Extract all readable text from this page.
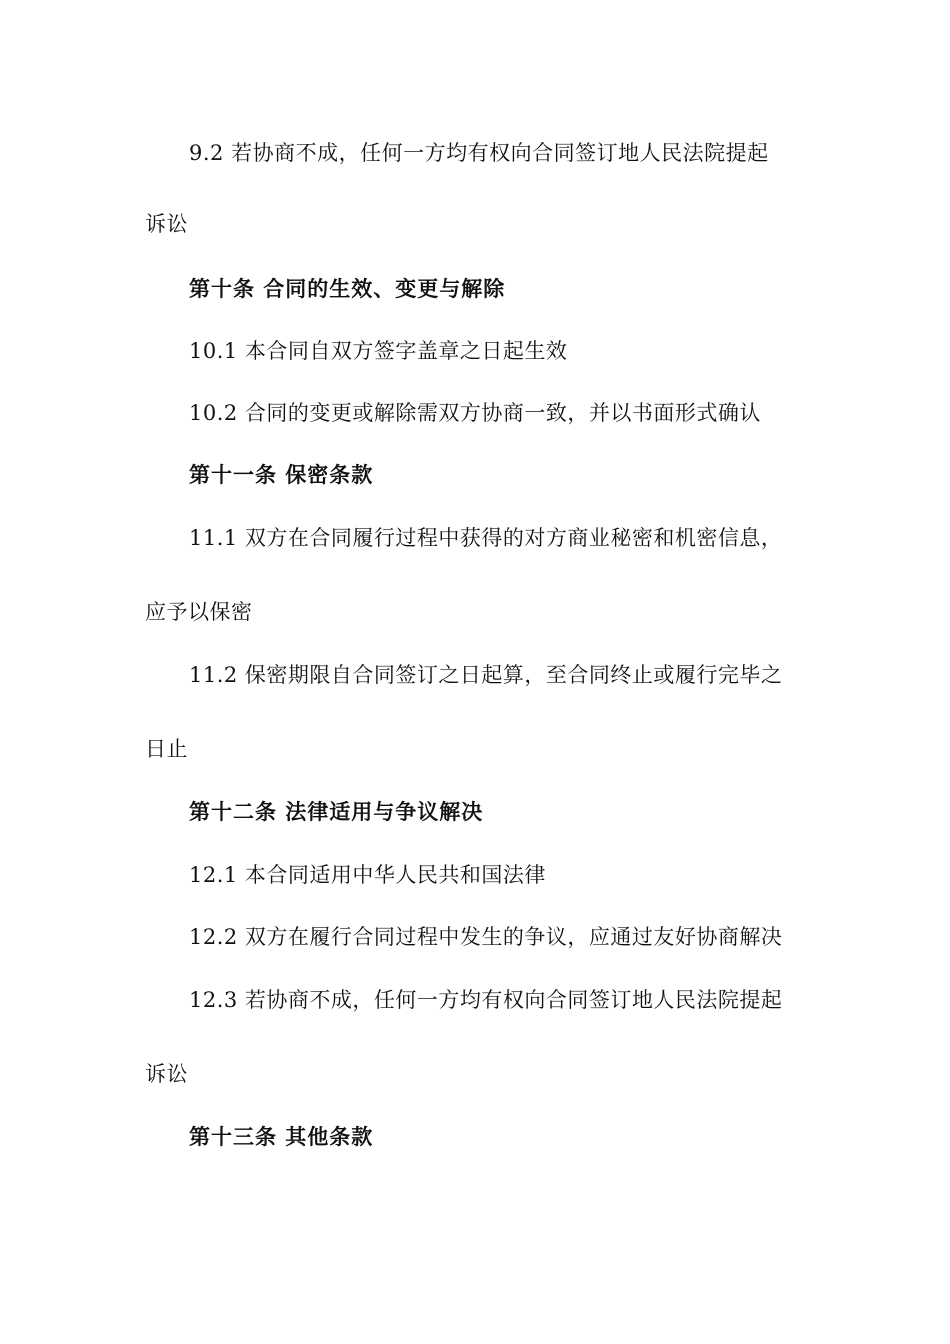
9.2 若协商不成，任何一方均有权向合同签订地人民法院提起
诉讼
第十条 合同的生效、变更与解除
10.1 本合同自双方签字盖章之日起生效
10.2 合同的变更或解除需双方协商一致，并以书面形式确认
第十一条 保密条款
11.1 双方在合同履行过程中获得的对方商业秘密和机密信息，
应予以保密
11.2 保密期限自合同签订之日起算，至合同终止或履行完毕之
日止
第十二条 法律适用与争议解决
12.1 本合同适用中华人民共和国法律
12.2 双方在履行合同过程中发生的争议，应通过友好协商解决
12.3 若协商不成，任何一方均有权向合同签订地人民法院提起
诉讼
第十三条 其他条款
